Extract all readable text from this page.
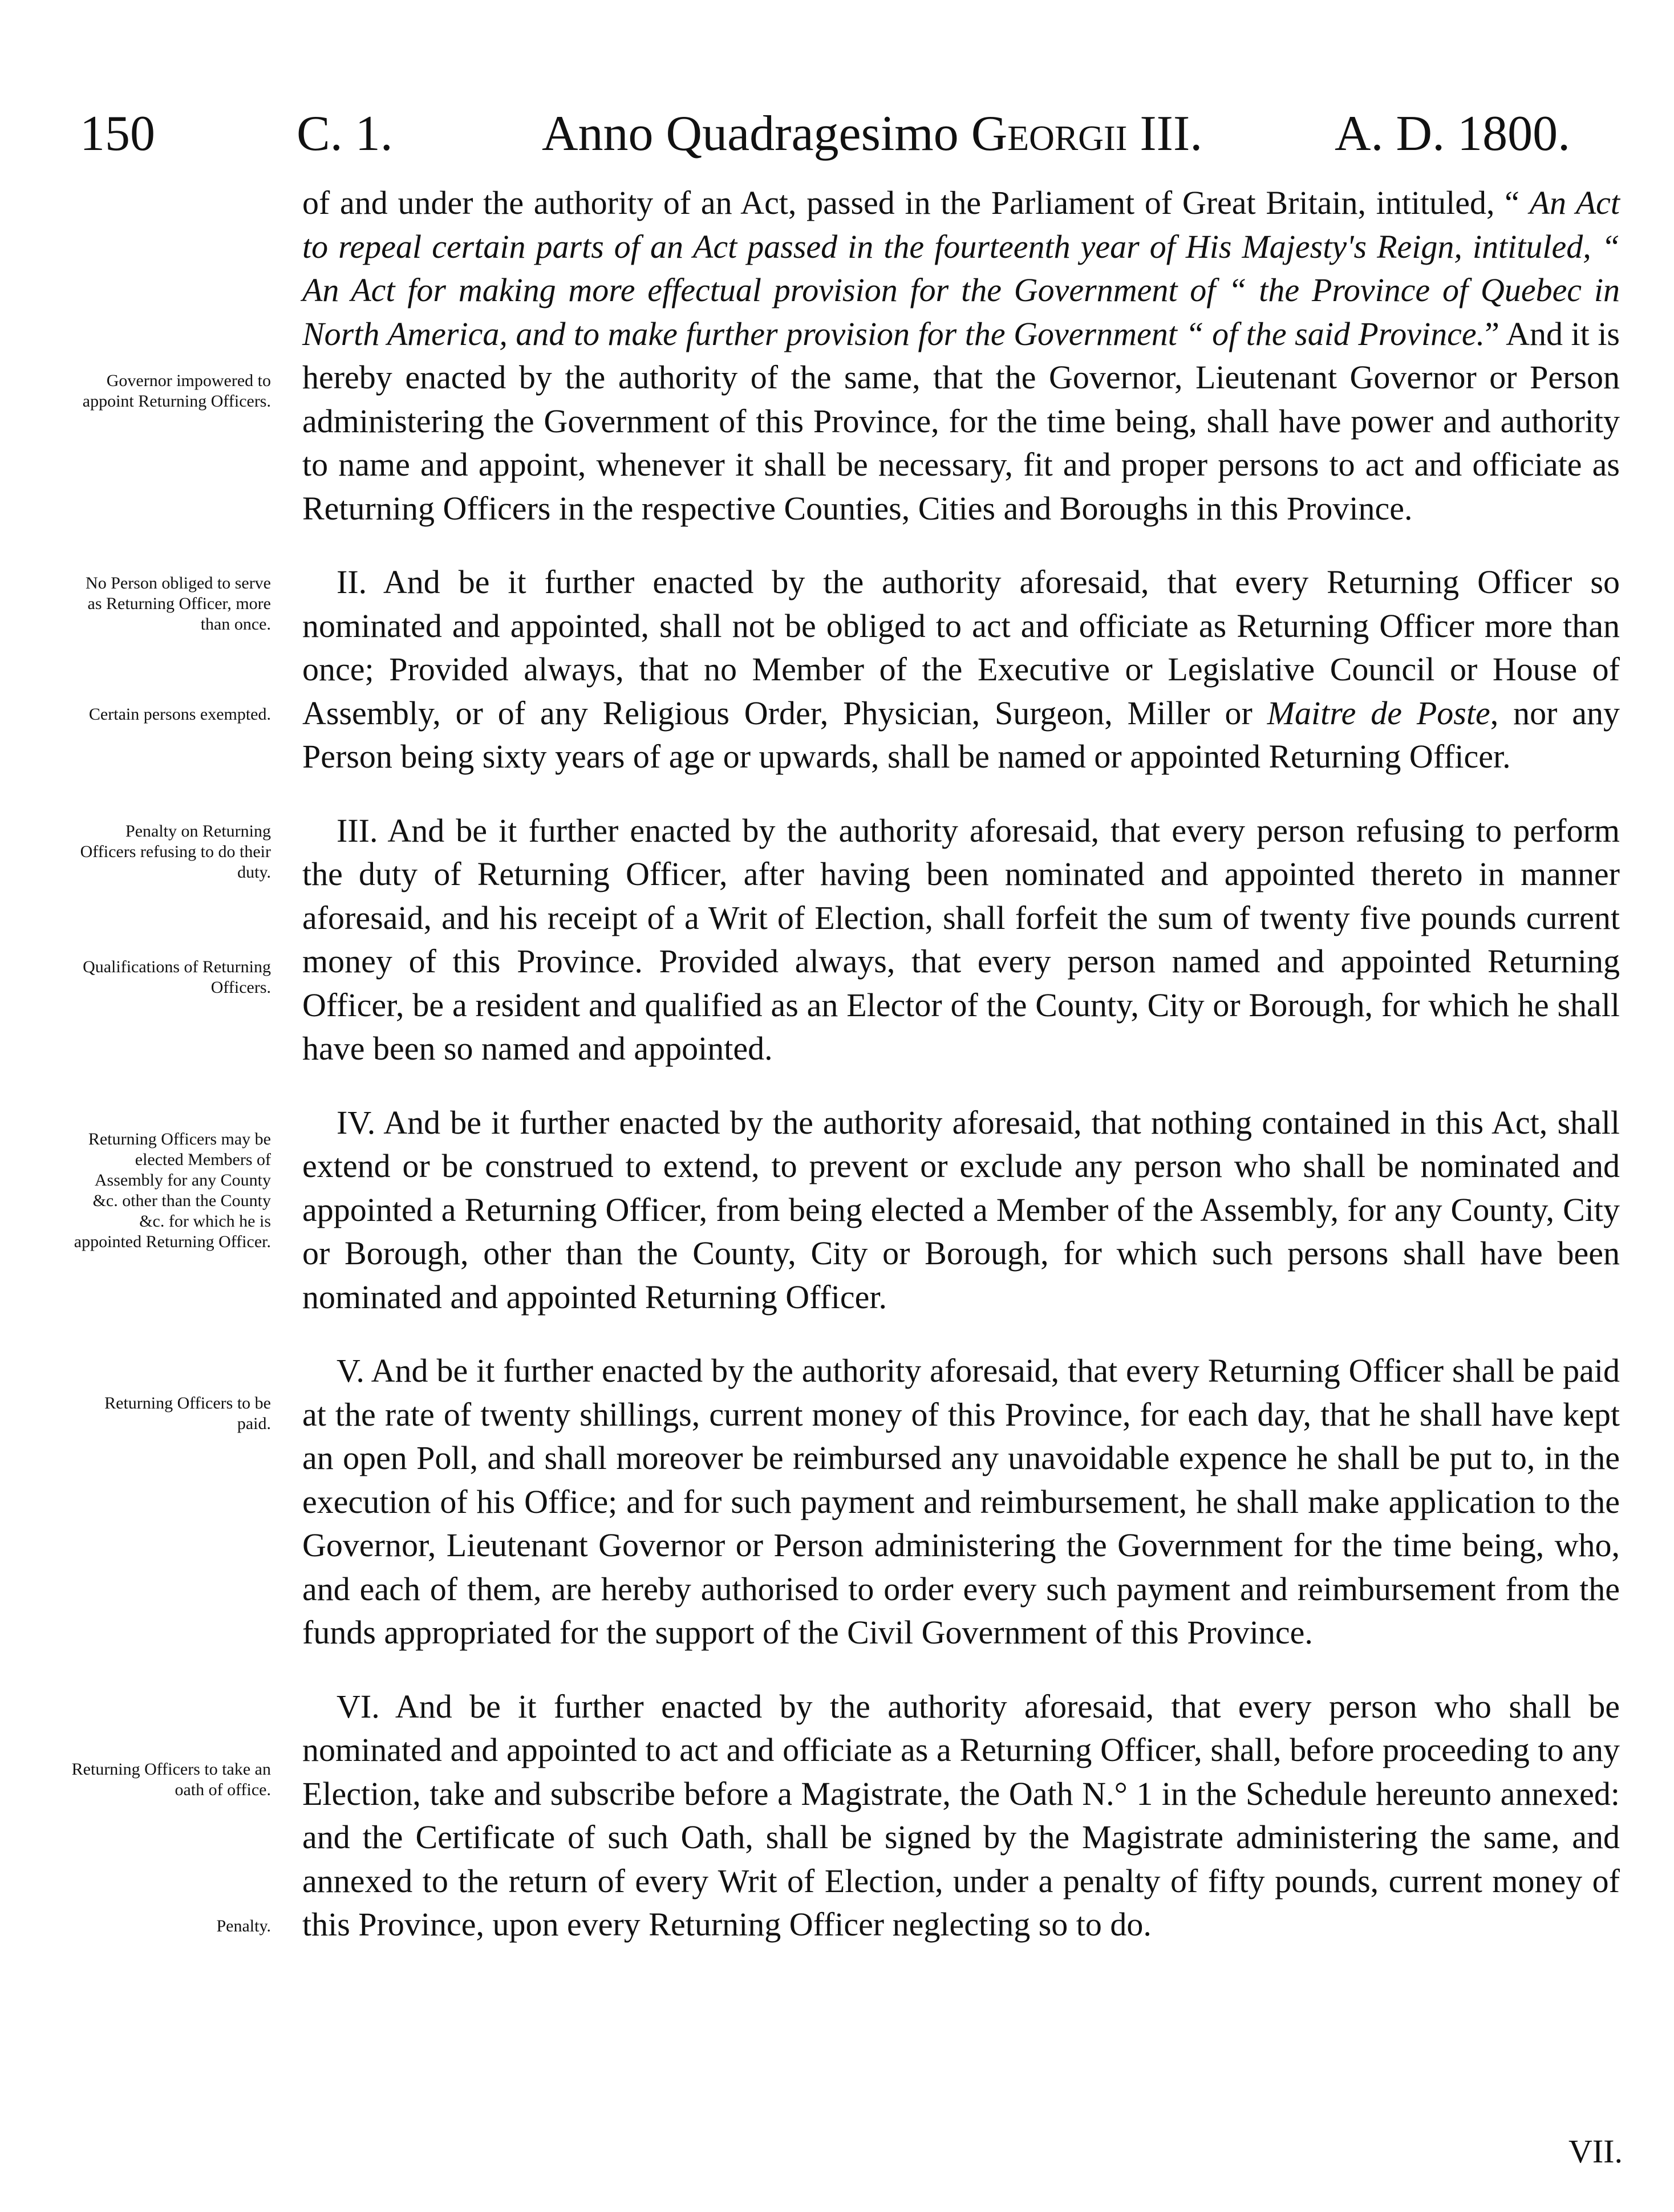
150	C. 1.	Anno Quadragesimo Georgii III.	A. D. 1800.

of and under the authority of an Act, passed in the Parliament of Great Britain, intituled, “ An Act to repeal certain parts of an Act passed in the fourteenth year of His Majesty's Reign, intituled, “ An Act for making more effectual provision for the Government of “ the Province of Quebec in North America, and to make further provision for the Government “ of the said Province.” And it is hereby enacted by the authority of the same, that the Governor, Lieutenant Governor or Person administering the Government of this Province, for the time being, shall have power and authority to name and appoint, whenever it shall be necessary, fit and proper persons to act and officiate as Returning Officers in the respective Counties, Cities and Boroughs in this Province.

II. And be it further enacted by the authority aforesaid, that every Returning Officer so nominated and appointed, shall not be obliged to act and officiate as Returning Officer more than once; Provided always, that no Member of the Executive or Legislative Council or House of Assembly, or of any Religious Order, Physician, Surgeon, Miller or Maitre de Poste, nor any Person being sixty years of age or upwards, shall be named or appointed Returning Officer.

III. And be it further enacted by the authority aforesaid, that every person refusing to perform the duty of Returning Officer, after having been nominated and appointed thereto in manner aforesaid, and his receipt of a Writ of Election, shall forfeit the sum of twenty five pounds current money of this Province. Provided always, that every person named and appointed Returning Officer, be a resident and qualified as an Elector of the County, City or Borough, for which he shall have been so named and appointed.

IV. And be it further enacted by the authority aforesaid, that nothing contained in this Act, shall extend or be construed to extend, to prevent or exclude any person who shall be nominated and appointed a Returning Officer, from being elected a Member of the Assembly, for any County, City or Borough, other than the County, City or Borough, for which such persons shall have been nominated and appointed Returning Officer.

V. And be it further enacted by the authority aforesaid, that every Returning Officer shall be paid at the rate of twenty shillings, current money of this Province, for each day, that he shall have kept an open Poll, and shall moreover be reimbursed any unavoidable expence he shall be put to, in the execution of his Office; and for such payment and reimbursement, he shall make application to the Governor, Lieutenant Governor or Person administering the Government for the time being, who, and each of them, are hereby authorised to order every such payment and reimbursement from the funds appropriated for the support of the Civil Government of this Province.

VI. And be it further enacted by the authority aforesaid, that every person who shall be nominated and appointed to act and officiate as a Returning Officer, shall, before proceeding to any Election, take and subscribe before a Magistrate, the Oath N.° 1 in the Schedule hereunto annexed: and the Certificate of such Oath, shall be signed by the Magistrate administering the same, and annexed to the return of every Writ of Election, under a penalty of fifty pounds, current money of this Province, upon every Returning Officer neglecting so to do.

Governor impowered to appoint Returning Officers.
No Person obliged to serve as Returning Officer, more than once.
Certain persons exempted.
Penalty on Returning Officers refusing to do their duty.
Qualifications of Returning Officers.
Returning Officers may be elected Members of Assembly for any County &c. other than the County &c. for which he is appointed Returning Officer.
Returning Officers to be paid.
Returning Officers to take an oath of office.
Penalty.
VII.
